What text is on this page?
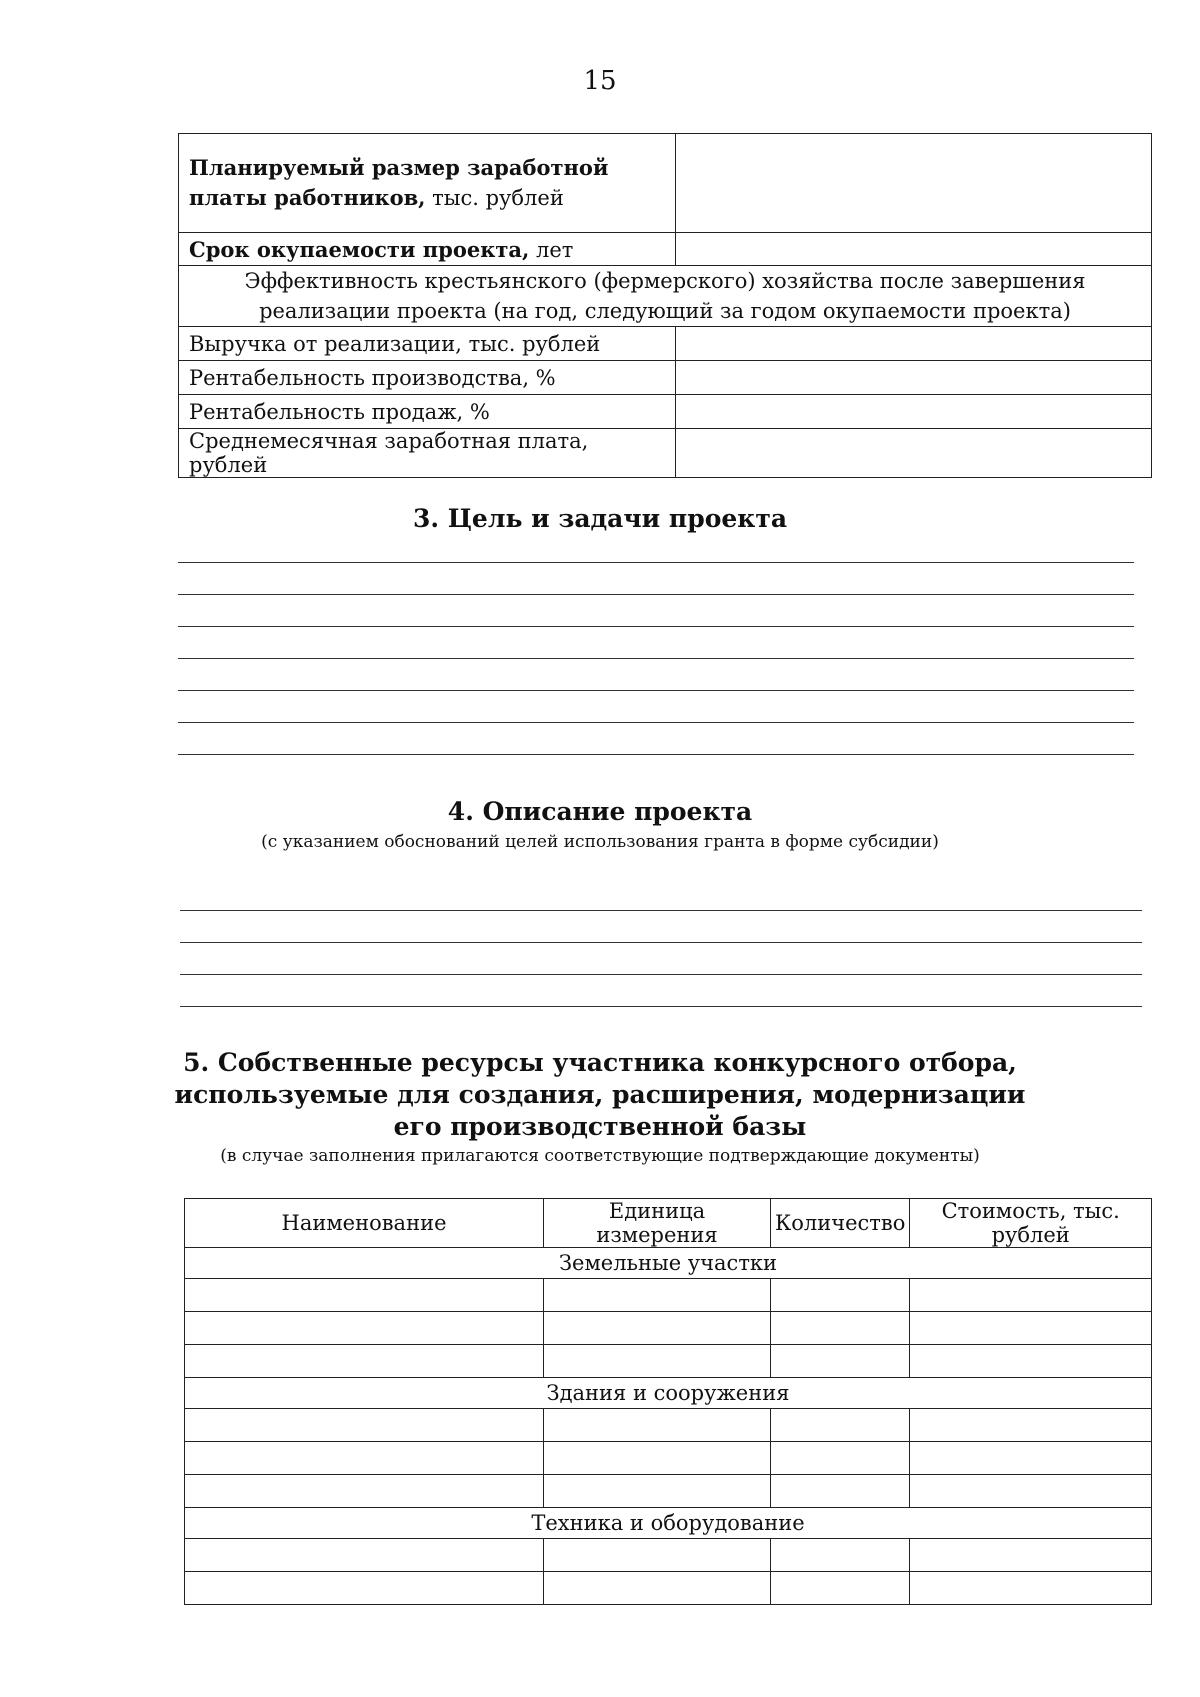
15
Планируемый размер заработной платы работников, тыс. рублей	
Срок окупаемости проекта, лет	
Эффективность крестьянского (фермерского) хозяйства после завершения реализации проекта (на год, следующий за годом окупаемости проекта)	
Выручка от реализации, тыс. рублей	
Рентабельность производства, %	
Рентабельность продаж, %	
Среднемесячная заработная плата, рублей	
3. Цель и задачи проекта
4. Описание проекта
(с указанием обоснований целей использования гранта в форме субсидии)
5. Собственные ресурсы участника конкурсного отбора,
используемые для создания, расширения, модернизации
его производственной базы
(в случае заполнения прилагаются соответствующие подтверждающие документы)
Наименование	Единица измерения	Количество	Стоимость, тыс. рублей
Земельные участки			

Здания и сооружения			

Техника и оборудование			
